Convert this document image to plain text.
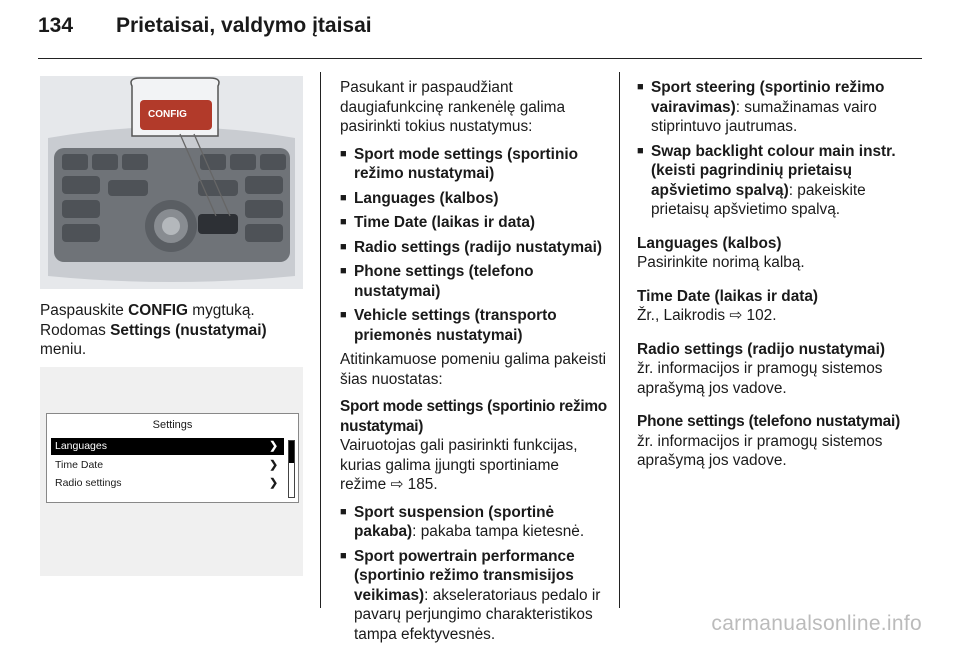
134 Prietaisai, valdymo įtaisai
CONFIG

Paspauskite CONFIG mygtuką.
Rodomas Settings (nustatymai) meniu.

Settings
Languages	❯
Time Date	❯
Radio settings	❯

Pasukant ir paspaudžiant daugiafunkcinę rankenėlę galima pasirinkti tokius nustatymus:

■ Sport mode settings (sportinio režimo nustatymai)
■ Languages (kalbos)
■ Time Date (laikas ir data)
■ Radio settings (radijo nustatymai)
■ Phone settings (telefono nustatymai)
■ Vehicle settings (transporto priemonės nustatymai)

Atitinkamuose pomeniu galima pakeisti šias nuostatas:

Sport mode settings (sportinio režimo nustatymai)

Vairuotojas gali pasirinkti funkcijas, kurias galima įjungti sportiniame režime ⇨ 185.

■ Sport suspension (sportinė pakaba): pakaba tampa kietesnė.
■ Sport powertrain performance (sportinio režimo transmisijos veikimas): akseleratoriaus pedalo ir pavarų perjungimo charakteristikos tampa efektyvesnės.
■ Sport steering (sportinio režimo vairavimas): sumažinamas vairo stiprintuvo jautrumas.
■ Swap backlight colour main instr. (keisti pagrindinių prietaisų apšvietimo spalvą): pakeiskite prietaisų apšvietimo spalvą.
Languages (kalbos)

Pasirinkite norimą kalbą.

Time Date (laikas ir data)

Žr., Laikrodis ⇨ 102.

Radio settings (radijo nustatymai)

žr. informacijos ir pramogų sistemos aprašymą jos vadove.

Phone settings (telefono nustatymai)

žr. informacijos ir pramogų sistemos aprašymą jos vadove.

carmanualsonline.info
